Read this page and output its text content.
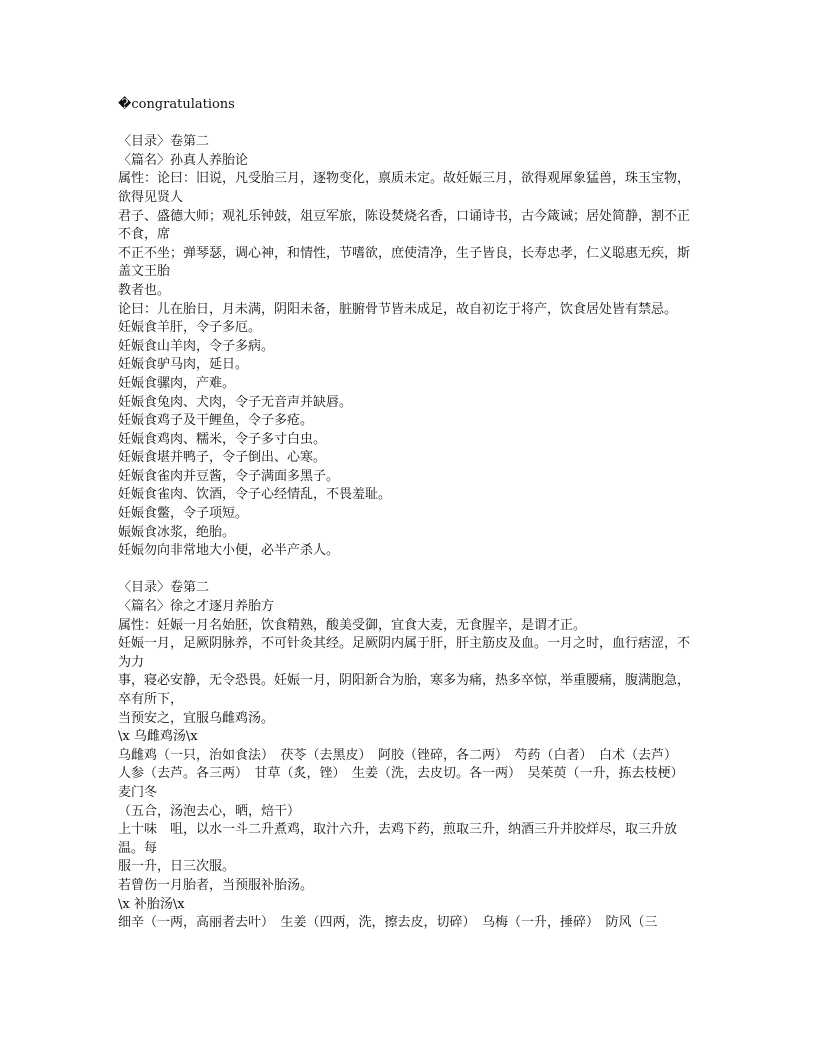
�congratulations
〈目录〉卷第二
〈篇名〉孙真人养胎论
属性：论曰：旧说，凡受胎三月，逐物变化，禀质未定。故妊娠三月，欲得观犀象猛兽，珠玉宝物，欲得见贤人
君子、盛德大师；观礼乐钟鼓，俎豆军旅，陈设焚烧名香，口诵诗书，古今箴诫；居处简静，割不正不食，席
不正不坐；弹琴瑟，调心神，和情性，节嗜欲，庶使清净，生子皆良，长寿忠孝，仁义聪惠无疾，斯盖文王胎
教者也。
论曰：儿在胎日，月未满，阴阳未备，脏腑骨节皆未成足，故自初讫于将产，饮食居处皆有禁忌。
妊娠食羊肝，令子多厄。
妊娠食山羊肉，令子多病。
妊娠食驴马肉，延日。
妊娠食骡肉，产难。
妊娠食兔肉、犬肉，令子无音声并缺唇。
妊娠食鸡子及干鲤鱼，令子多疮。
妊娠食鸡肉、糯米，令子多寸白虫。
妊娠食堪并鸭子，令子倒出、心寒。
妊娠食雀肉并豆酱，令子满面多黑子。
妊娠食雀肉、饮酒，令子心经情乱，不畏羞耻。
妊娠食鳖，令子项短。
娠娠食冰浆，绝胎。
妊娠勿向非常地大小便，必半产杀人。
〈目录〉卷第二
〈篇名〉徐之才逐月养胎方
属性：妊娠一月名始胚，饮食精熟，酸美受御，宜食大麦，无食腥辛，是谓才正。
妊娠一月，足厥阴脉养，不可针灸其经。足厥阴内属于肝，肝主筋皮及血。一月之时，血行痞涩，不为力
事，寝必安静，无令恐畏。妊娠一月，阴阳新合为胎，寒多为痛，热多卒惊，举重腰痛，腹满胞急，卒有所下，
当预安之，宜服乌雌鸡汤。
\x 乌雌鸡汤\x
乌雌鸡（一只，治如食法）　茯苓（去黑皮）　阿胶（锉碎，各二两）　芍药（白者）　白术（去芦）
人参（去芦。各三两）　甘草（炙，锉）　生姜（洗，去皮切。各一两）　吴茱萸（一升，拣去枝梗）　麦门冬
（五合，汤泡去心，晒，焙干）
上十味　咀，以水一斗二升煮鸡，取汁六升，去鸡下药，煎取三升，纳酒三升并胶烊尽，取三升放温。每
服一升，日三次服。
若曾伤一月胎者，当预服补胎汤。
\x 补胎汤\x
细辛（一两，高丽者去叶）　生姜（四两，洗，擦去皮，切碎）　乌梅（一升，捶碎）　防风（三
